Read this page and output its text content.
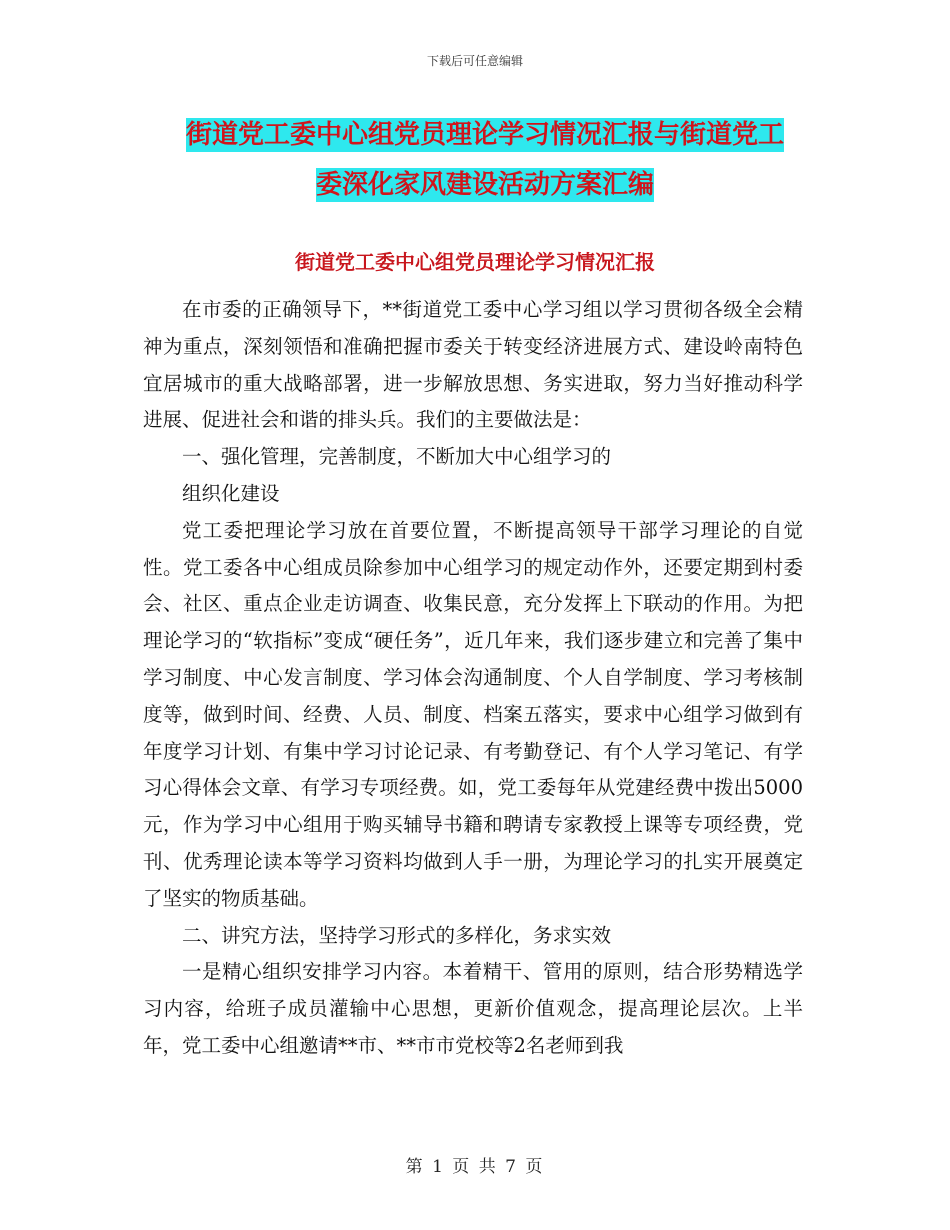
下载后可任意编辑
街道党工委中心组党员理论学习情况汇报与街道党工
委深化家风建设活动方案汇编
街道党工委中心组党员理论学习情况汇报

在市委的正确领导下，**街道党工委中心学习组以学习贯彻各级全会精神为重点，深刻领悟和准确把握市委关于转变经济进展方式、建设岭南特色宜居城市的重大战略部署，进一步解放思想、务实进取，努力当好推动科学进展、促进社会和谐的排头兵。我们的主要做法是：

一、强化管理，完善制度，不断加大中心组学习的

组织化建设

党工委把理论学习放在首要位置，不断提高领导干部学习理论的自觉性。党工委各中心组成员除参加中心组学习的规定动作外，还要定期到村委会、社区、重点企业走访调查、收集民意，充分发挥上下联动的作用。为把理论学习的“软指标”变成“硬任务”，近几年来，我们逐步建立和完善了集中学习制度、中心发言制度、学习体会沟通制度、个人自学制度、学习考核制度等，做到时间、经费、人员、制度、档案五落实，要求中心组学习做到有年度学习计划、有集中学习讨论记录、有考勤登记、有个人学习笔记、有学习心得体会文章、有学习专项经费。如，党工委每年从党建经费中拨出5000元，作为学习中心组用于购买辅导书籍和聘请专家教授上课等专项经费，党刊、优秀理论读本等学习资料均做到人手一册，为理论学习的扎实开展奠定了坚实的物质基础。

二、讲究方法，坚持学习形式的多样化，务求实效

一是精心组织安排学习内容。本着精干、管用的原则，结合形势精选学习内容，给班子成员灌输中心思想，更新价值观念，提高理论层次。上半年，党工委中心组邀请**市、**市市党校等2名老师到我

第 1 页 共 7 页
